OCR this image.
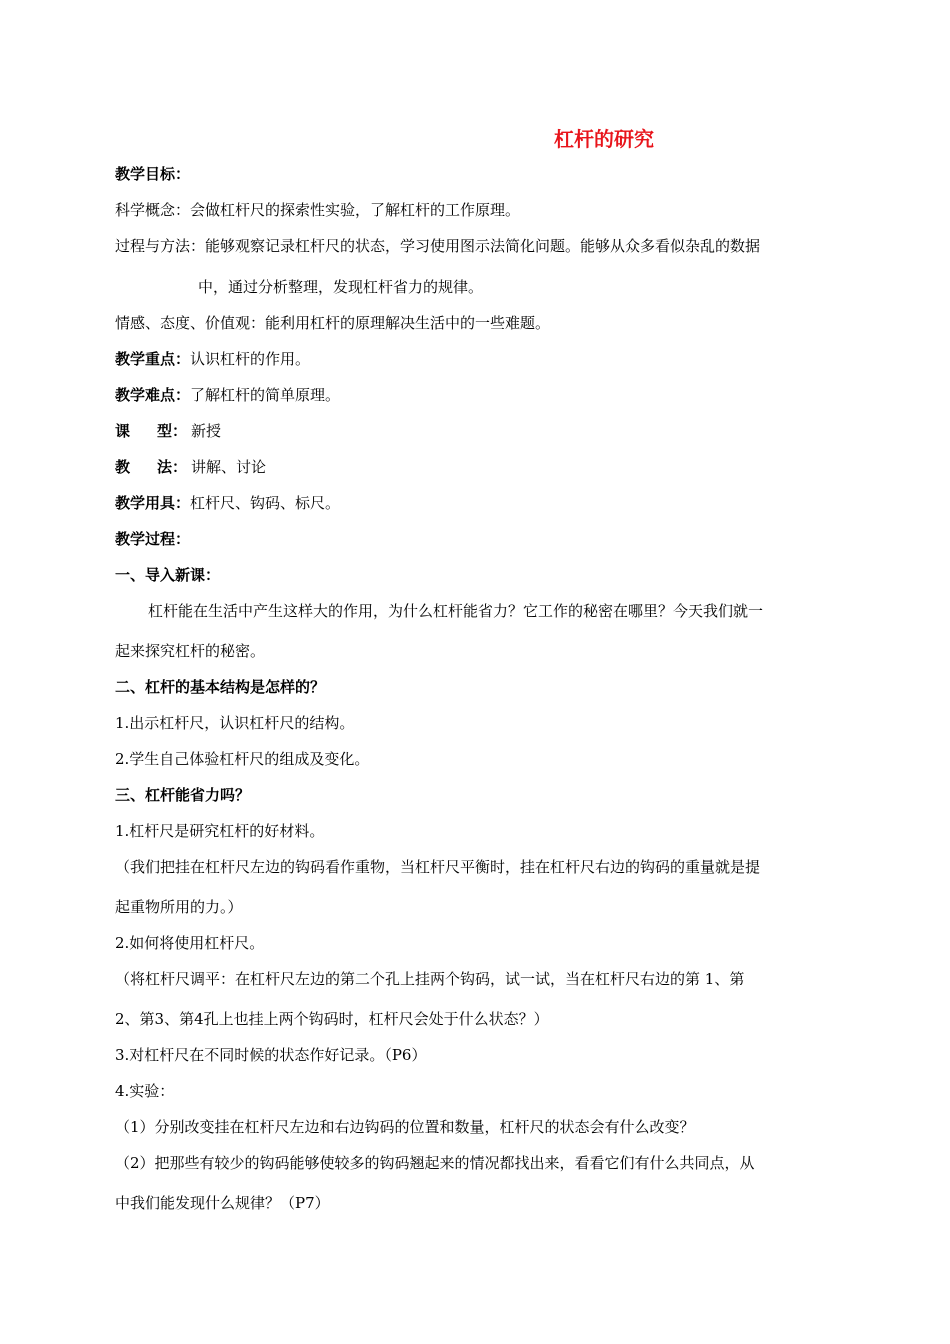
杠杆的研究
教学目标：
科学概念：会做杠杆尺的探索性实验，了解杠杆的工作原理。
过程与方法：能够观察记录杠杆尺的状态，学习使用图示法简化问题。能够从众多看似杂乱的数据
中，通过分析整理，发现杠杆省力的规律。
情感、态度、价值观：能利用杠杆的原理解决生活中的一些难题。
教学重点：认识杠杆的作用。
教学难点：了解杠杆的简单原理。
课 型： 新授
教 法： 讲解、讨论
教学用具：杠杆尺、钩码、标尺。
教学过程：
一、导入新课：
杠杆能在生活中产生这样大的作用，为什么杠杆能省力？它工作的秘密在哪里？今天我们就一
起来探究杠杆的秘密。
二、杠杆的基本结构是怎样的？
1.出示杠杆尺，认识杠杆尺的结构。
2.学生自己体验杠杆尺的组成及变化。
三、杠杆能省力吗？
1.杠杆尺是研究杠杆的好材料。
（我们把挂在杠杆尺左边的钩码看作重物，当杠杆尺平衡时，挂在杠杆尺右边的钩码的重量就是提
起重物所用的力。）
2.如何将使用杠杆尺。
（将杠杆尺调平：在杠杆尺左边的第二个孔上挂两个钩码，试一试，当在杠杆尺右边的第 1、第
2、第3、第4孔上也挂上两个钩码时，杠杆尺会处于什么状态？）
3.对杠杆尺在不同时候的状态作好记录。（P6）
4.实验：
（1）分别改变挂在杠杆尺左边和右边钩码的位置和数量，杠杆尺的状态会有什么改变？
（2）把那些有较少的钩码能够使较多的钩码翘起来的情况都找出来，看看它们有什么共同点，从
中我们能发现什么规律？（P7）
